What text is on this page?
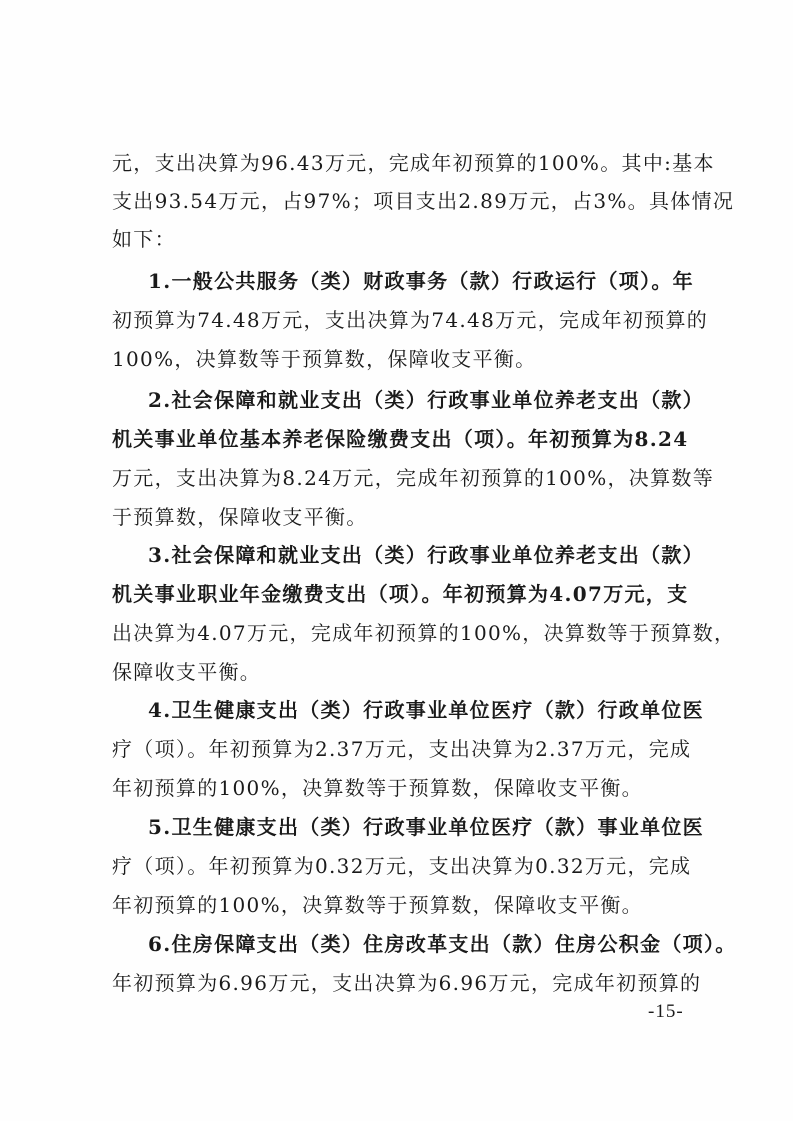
元，支出决算为96.43万元，完成年初预算的100%。其中:基本
支出93.54万元，占97%；项目支出2.89万元，占3%。具体情况
如下：
1.一般公共服务（类）财政事务（款）行政运行（项）。年
初预算为74.48万元，支出决算为74.48万元，完成年初预算的
100%，决算数等于预算数，保障收支平衡。
2.社会保障和就业支出（类）行政事业单位养老支出（款）
机关事业单位基本养老保险缴费支出（项）。年初预算为8.24
万元，支出决算为8.24万元，完成年初预算的100%，决算数等
于预算数，保障收支平衡。
3.社会保障和就业支出（类）行政事业单位养老支出（款）
机关事业职业年金缴费支出（项）。年初预算为4.07万元，支
出决算为4.07万元，完成年初预算的100%，决算数等于预算数，
保障收支平衡。
4.卫生健康支出（类）行政事业单位医疗（款）行政单位医
疗（项）。年初预算为2.37万元，支出决算为2.37万元，完成
年初预算的100%，决算数等于预算数，保障收支平衡。
5.卫生健康支出（类）行政事业单位医疗（款）事业单位医
疗（项）。年初预算为0.32万元，支出决算为0.32万元，完成
年初预算的100%，决算数等于预算数，保障收支平衡。
6.住房保障支出（类）住房改革支出（款）住房公积金（项）。
年初预算为6.96万元，支出决算为6.96万元，完成年初预算的
-15-
